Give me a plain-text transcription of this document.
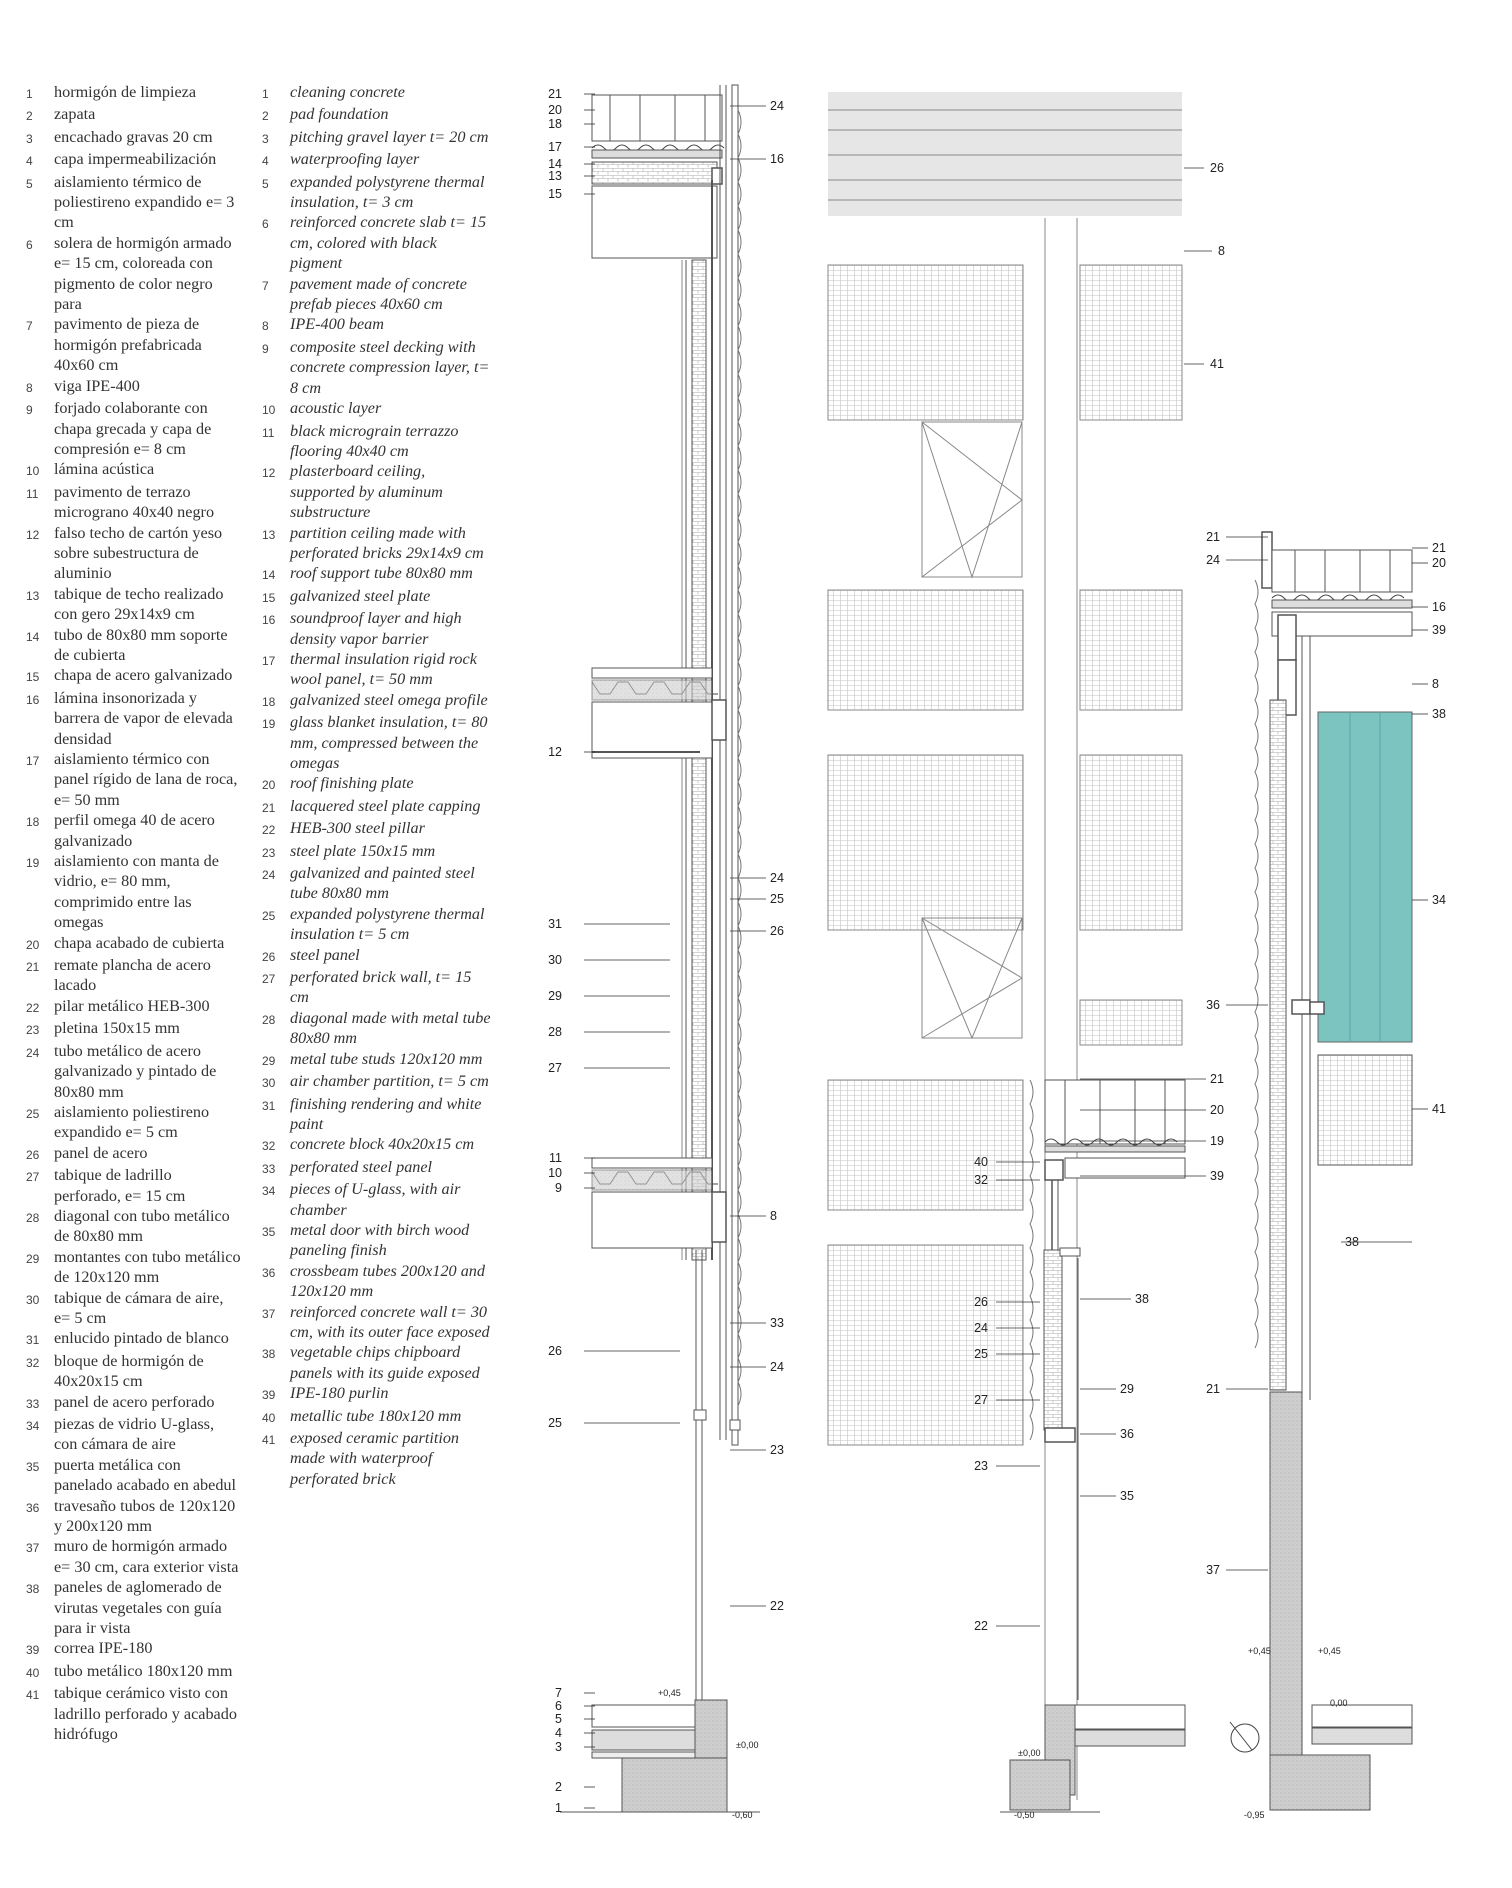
1	hormigón de limpieza
2	zapata
3	encachado gravas 20 cm
4	capa impermeabilización
5	aislamiento térmico de poliestireno expandido e= 3 cm
6	solera de hormigón armado e= 15 cm, coloreada con pigmento de color negro para
7	pavimento de pieza de hormigón prefabricada 40x60 cm
8	viga IPE-400
9	forjado colaborante con chapa grecada y capa de compresión e= 8 cm
10 lámina acústica
11 pavimento de terrazo micrograno 40x40 negro
12 falso techo de cartón yeso sobre subestructura de aluminio
13 tabique de techo realizado con gero 29x14x9 cm
14 tubo de 80x80 mm soporte de cubierta
15 chapa de acero galvanizado
16 lámina insonorizada y barrera de vapor de elevada densidad
17 aislamiento térmico con panel rígido de lana de roca, e= 50 mm
18 perfil omega 40 de acero galvanizado
19 aislamiento con manta de vidrio, e= 80 mm, comprimido entre las omegas
20 chapa acabado de cubierta
21 remate plancha de acero lacado
22 pilar metálico HEB-300
23 pletina 150x15 mm
24 tubo metálico de acero galvanizado y pintado de 80x80 mm
25 aislamiento poliestireno expandido e= 5 cm
26 panel de acero
27 tabique de ladrillo perforado, e= 15 cm
28 diagonal con tubo metálico de 80x80 mm
29 montantes con tubo metálico de 120x120 mm
30 tabique de cámara de aire, e= 5 cm
31 enlucido pintado de blanco
32 bloque de hormigón de 40x20x15 cm
33 panel de acero perforado
34 piezas de vidrio U-glass, con cámara de aire
35 puerta metálica con panelado acabado en abedul
36 travesaño tubos de 120x120 y 200x120 mm
37 muro de hormigón armado e= 30 cm, cara exterior vista
38 paneles de aglomerado de virutas vegetales con guía para ir vista
39 correa IPE-180
40 tubo metálico 180x120 mm
41 tabique cerámico visto con ladrillo perforado y acabado hidrófugo
1	cleaning concrete
2	pad foundation
3	pitching gravel layer t= 20 cm
4	waterproofing layer
5	expanded polystyrene thermal insulation, t= 3 cm
6	reinforced concrete slab t= 15 cm, colored with black pigment
7	pavement made of concrete prefab pieces 40x60 cm
8	IPE-400 beam
9	composite steel decking with concrete compression layer, t= 8 cm
10 acoustic layer
11 black micrograin terrazzo flooring 40x40 cm
12 plasterboard ceiling, supported by aluminum substructure
13 partition ceiling made with perforated bricks 29x14x9 cm
14 roof support tube 80x80 mm
15 galvanized steel plate
16 soundproof layer and high density vapor barrier
17 thermal insulation rigid rock wool panel, t= 50 mm
18 galvanized steel omega profile
19 glass blanket insulation, t= 80 mm, compressed between the omegas
20 roof finishing plate
21 lacquered steel plate capping
22 HEB-300 steel pillar
23 steel plate 150x15 mm
24 galvanized and painted steel tube 80x80 mm
25 expanded polystyrene thermal insulation t= 5 cm
26 steel panel
27 perforated brick wall, t= 15 cm
28 diagonal made with metal tube 80x80 mm
29 metal tube studs 120x120 mm
30 air chamber partition, t= 5 cm
31 finishing rendering and white paint
32 concrete block 40x20x15 cm
33 perforated steel panel
34 pieces of U-glass, with air chamber
35 metal door with birch wood paneling finish
36 crossbeam tubes 200x120 and 120x120 mm
37 reinforced concrete wall t= 30 cm, with its outer face exposed
38 vegetable chips chipboard panels with its guide exposed
39 IPE-180 purlin
40 metallic tube 180x120 mm
41 exposed ceramic partition made with waterproof perforated brick
21
20
18
17
14
13
15
12
31
30
29
28
27
11
10
9
26
25
7
6
5
4
3
2
1
24
16
24
25
26
8
33
24
23
22
+0,45
±0,00
-0,60
26
8
41
40
32
26
24
25
27
23
22
21
20
19
39
38
29
36
35
±0,00
-0,50
21
24
36
21
37
21
20
16
39
8
38
34
41
38
+0,45	+0,45
0,00
-0,95
